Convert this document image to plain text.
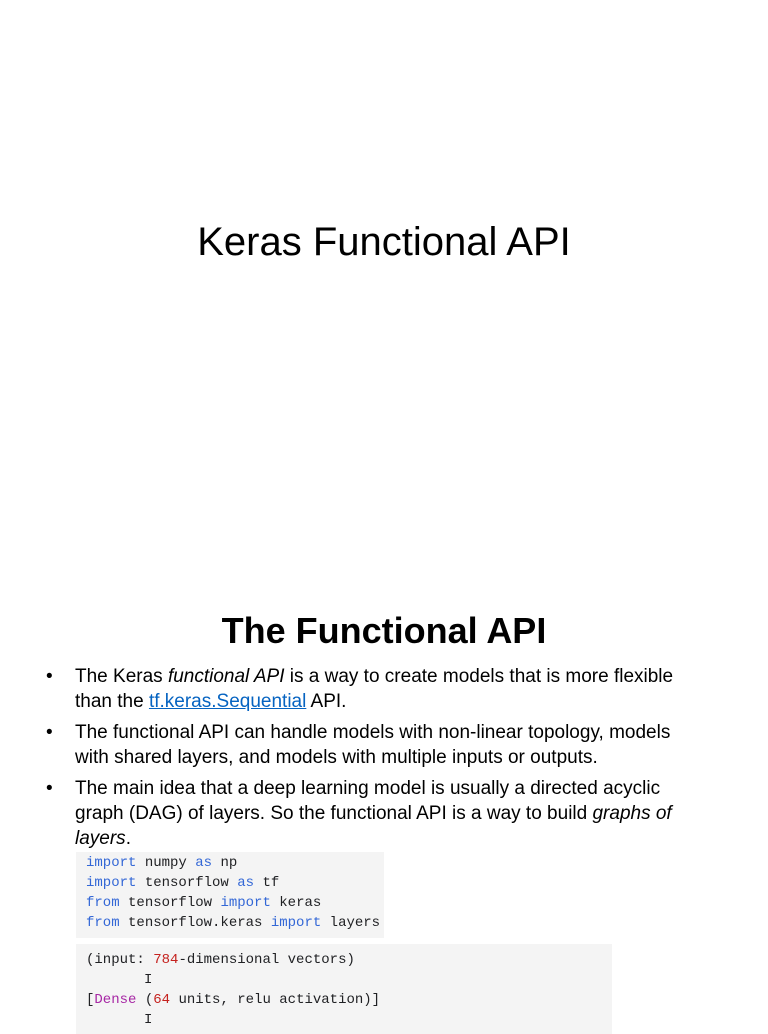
Keras Functional API
The Functional API
• The Keras functional API is a way to create models that is more flexible than the tf.keras.Sequential API.
• The functional API can handle models with non-linear topology, models with shared layers, and models with multiple inputs or outputs.
• The main idea that a deep learning model is usually a directed acyclic graph (DAG) of layers. So the functional API is a way to build graphs of layers.
import numpy as np
import tensorflow as tf
from tensorflow import keras
from tensorflow.keras import layers
(input: 784-dimensional vectors)
I
[Dense (64 units, relu activation)]
I
